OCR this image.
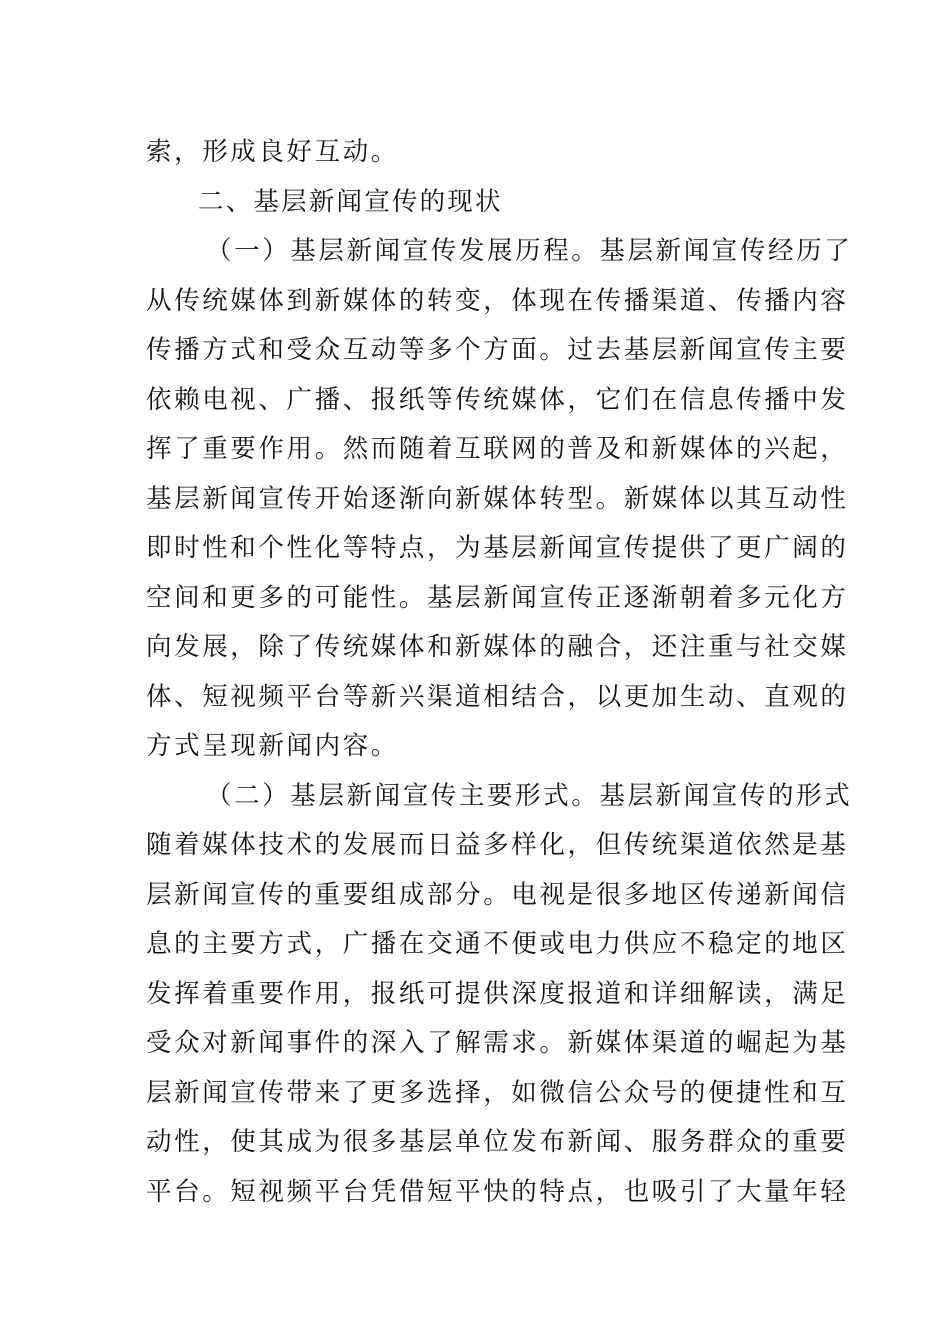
索，形成良好互动。
二、基层新闻宣传的现状
（一）基层新闻宣传发展历程。基层新闻宣传经历了
从传统媒体到新媒体的转变，体现在传播渠道、传播内容
传播方式和受众互动等多个方面。过去基层新闻宣传主要
依赖电视、广播、报纸等传统媒体，它们在信息传播中发
挥了重要作用。然而随着互联网的普及和新媒体的兴起，
基层新闻宣传开始逐渐向新媒体转型。新媒体以其互动性
即时性和个性化等特点，为基层新闻宣传提供了更广阔的
空间和更多的可能性。基层新闻宣传正逐渐朝着多元化方
向发展，除了传统媒体和新媒体的融合，还注重与社交媒
体、短视频平台等新兴渠道相结合，以更加生动、直观的
方式呈现新闻内容。
（二）基层新闻宣传主要形式。基层新闻宣传的形式
随着媒体技术的发展而日益多样化，但传统渠道依然是基
层新闻宣传的重要组成部分。电视是很多地区传递新闻信
息的主要方式，广播在交通不便或电力供应不稳定的地区
发挥着重要作用，报纸可提供深度报道和详细解读，满足
受众对新闻事件的深入了解需求。新媒体渠道的崛起为基
层新闻宣传带来了更多选择，如微信公众号的便捷性和互
动性，使其成为很多基层单位发布新闻、服务群众的重要
平台。短视频平台凭借短平快的特点，也吸引了大量年轻
